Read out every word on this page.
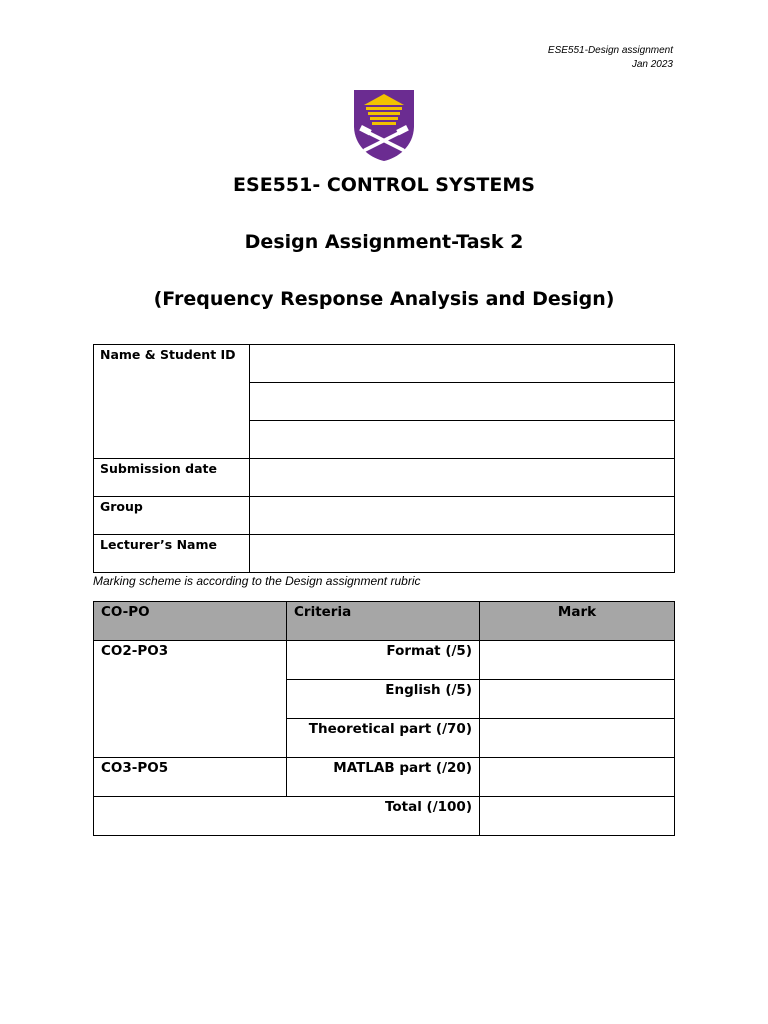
ESE551-Design assignment
Jan 2023
ESE551- CONTROL SYSTEMS
Design Assignment-Task 2
(Frequency Response Analysis and Design)
Name & Student ID	

Submission date	
Group	
Lecturer’s Name	
Marking scheme is according to the Design assignment rubric
CO-PO	Criteria	Mark
CO2-PO3	Format (/5)	
	English (/5)	
	Theoretical part (/70)	
CO3-PO5	MATLAB part (/20)	
Total (/100)		
